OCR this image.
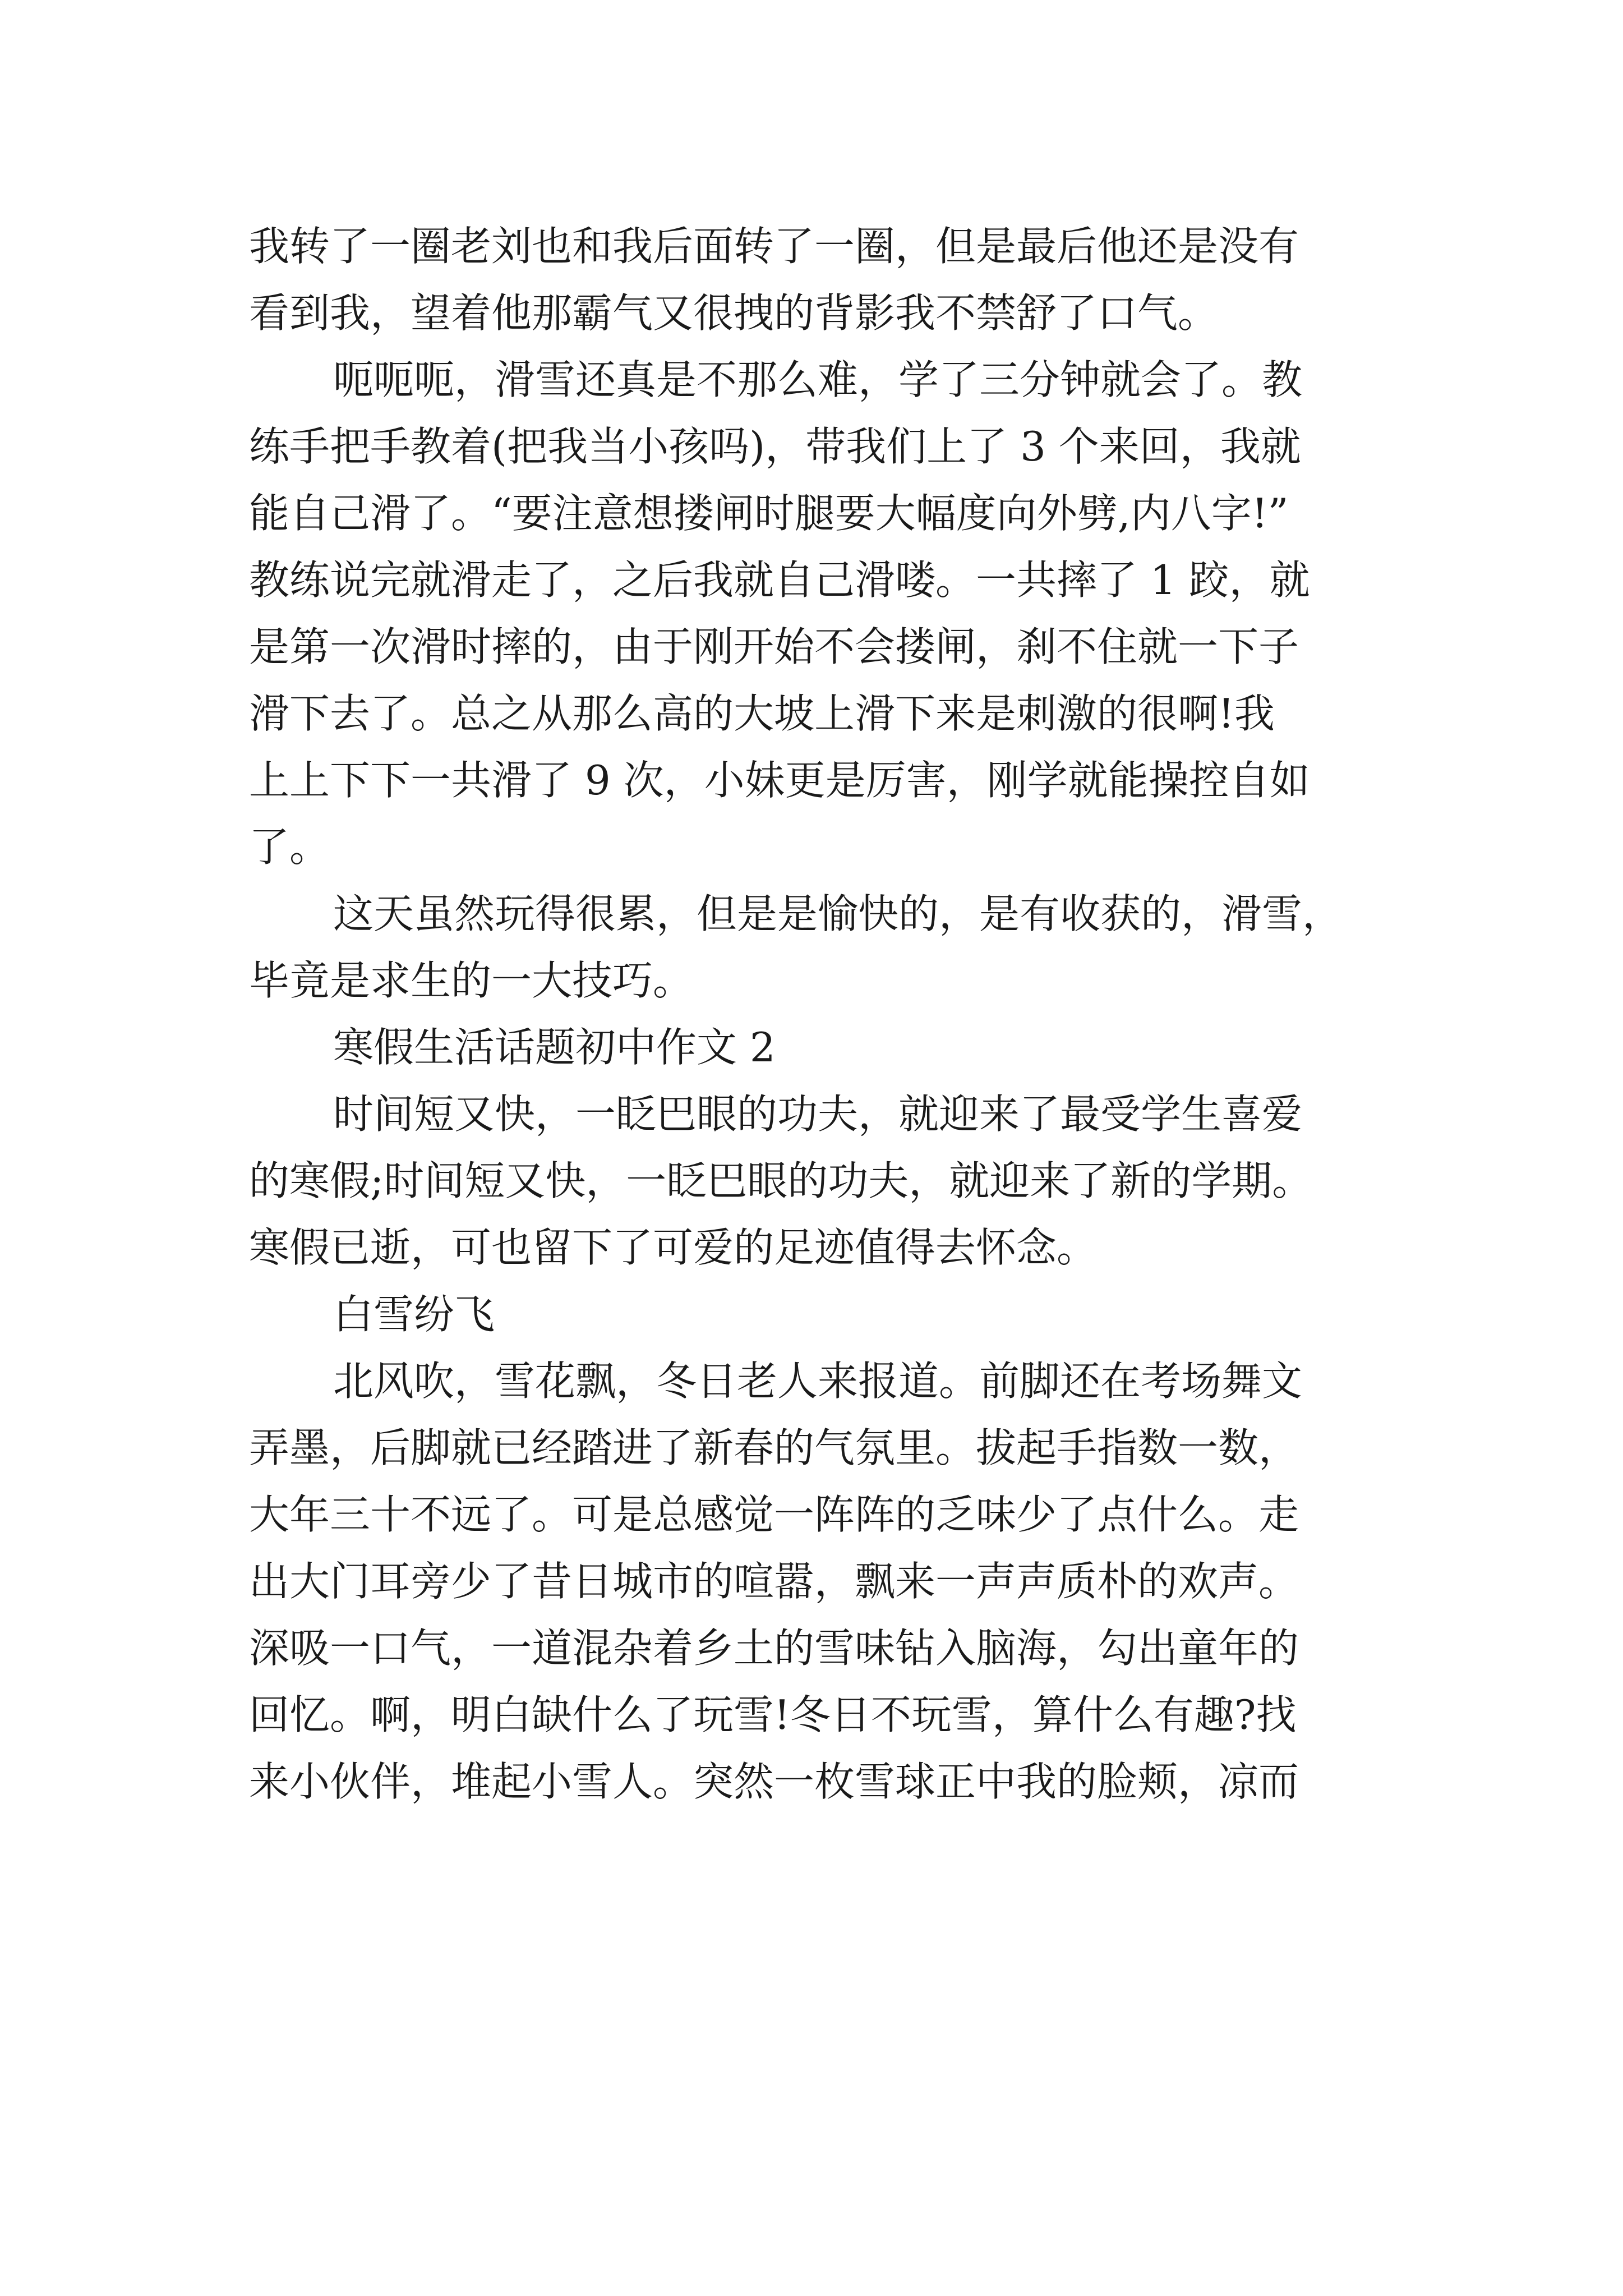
我转了一圈老刘也和我后面转了一圈，但是最后他还是没有
看到我，望着他那霸气又很拽的背影我不禁舒了口气。
呃呃呃，滑雪还真是不那么难，学了三分钟就会了。教
练手把手教着(把我当小孩吗)，带我们上了 3 个来回，我就
能自己滑了。“要注意想搂闸时腿要大幅度向外劈,内八字!”
教练说完就滑走了，之后我就自己滑喽。一共摔了 1 跤，就
是第一次滑时摔的，由于刚开始不会搂闸，刹不住就一下子
滑下去了。总之从那么高的大坡上滑下来是刺激的很啊!我
上上下下一共滑了 9 次，小妹更是厉害，刚学就能操控自如
了。
这天虽然玩得很累，但是是愉快的，是有收获的，滑雪，
毕竟是求生的一大技巧。
寒假生活话题初中作文 2
时间短又快，一眨巴眼的功夫，就迎来了最受学生喜爱
的寒假;时间短又快，一眨巴眼的功夫，就迎来了新的学期。
寒假已逝，可也留下了可爱的足迹值得去怀念。
白雪纷飞
北风吹，雪花飘，冬日老人来报道。前脚还在考场舞文
弄墨，后脚就已经踏进了新春的气氛里。拔起手指数一数，
大年三十不远了。可是总感觉一阵阵的乏味少了点什么。走
出大门耳旁少了昔日城市的喧嚣，飘来一声声质朴的欢声。
深吸一口气，一道混杂着乡土的雪味钻入脑海，勾出童年的
回忆。啊，明白缺什么了玩雪!冬日不玩雪，算什么有趣?找
来小伙伴，堆起小雪人。突然一枚雪球正中我的脸颊，凉而
